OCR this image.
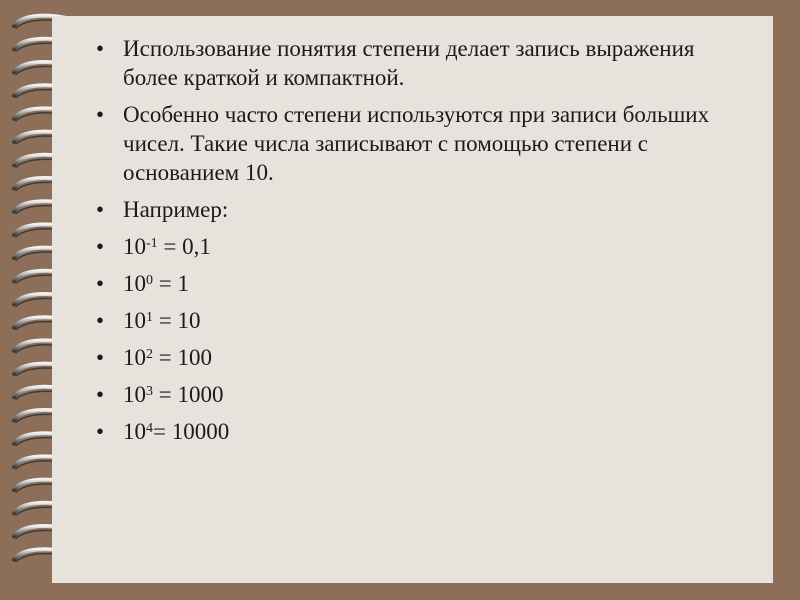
• Использование понятия степени делает запись выражения более краткой и компактной.
• Особенно часто степени используются при записи больших чисел. Такие числа записывают с помощью степени с основанием 10.
• Например:
• $10^{-1} = 0,1$
• $10^0 = 1$
• $10^1 = 10$
• $10^2 = 100$
• $10^3 = 1000$
• $10^4= 10000$
